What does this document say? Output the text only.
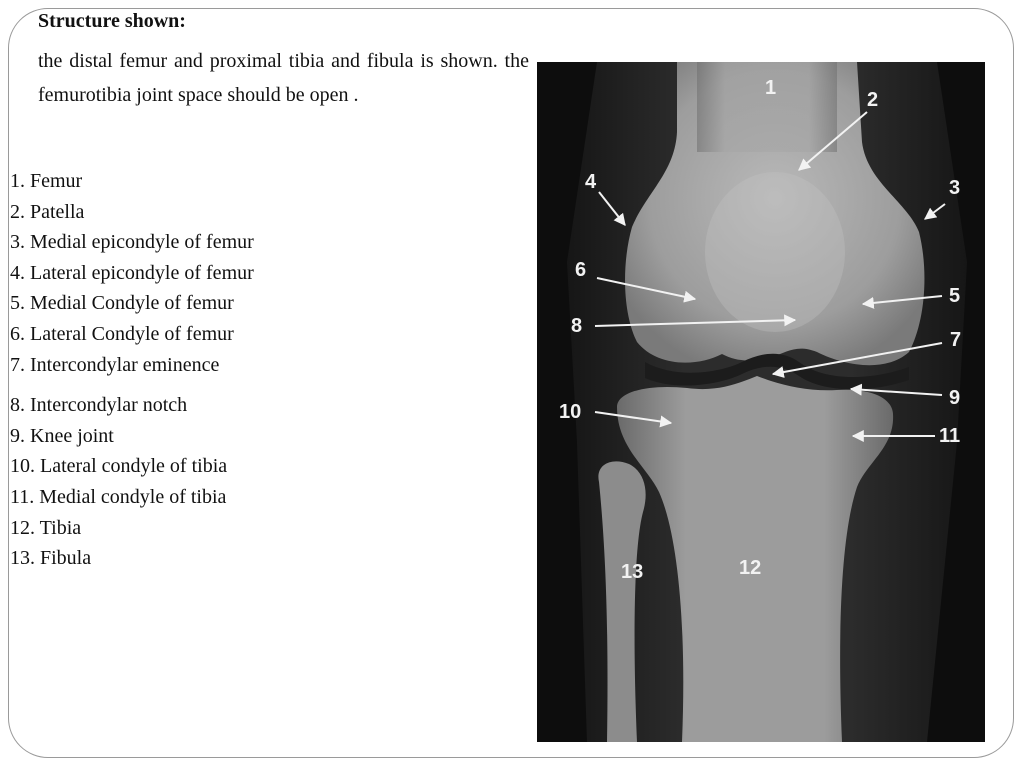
Structure shown:

the distal femur and proximal tibia and fibula is shown. the femurotibia joint space should be open .

1. Femur
2. Patella
3. Medial epicondyle of femur
4. Lateral epicondyle of femur
5. Medial Condyle of femur
6. Lateral Condyle of femur
7. Intercondylar eminence
8. Intercondylar notch
9. Knee joint
10. Lateral condyle of tibia
11. Medial condyle of tibia
12. Tibia
13. Fibula
1
2
3
4
5
6
7
8
9
10
11
12
13
